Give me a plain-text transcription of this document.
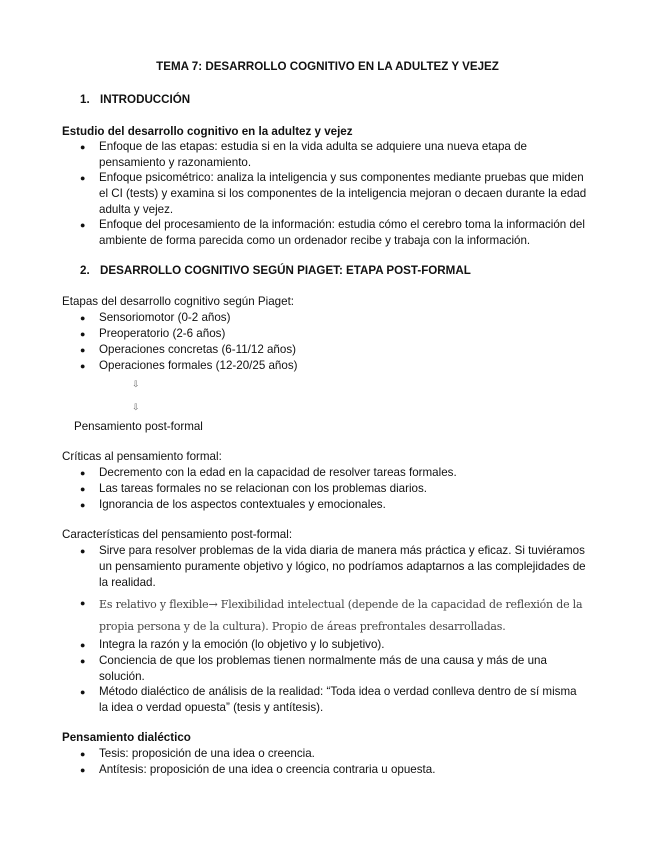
TEMA 7: DESARROLLO COGNITIVO EN LA ADULTEZ Y VEJEZ
1. INTRODUCCIÓN
Estudio del desarrollo cognitivo en la adultez y vejez
● Enfoque de las etapas: estudia si en la vida adulta se adquiere una nueva etapa de
pensamiento y razonamiento.
● Enfoque psicométrico: analiza la inteligencia y sus componentes mediante pruebas que miden
el CI (tests) y examina si los componentes de la inteligencia mejoran o decaen durante la edad
adulta y vejez.
● Enfoque del procesamiento de la información: estudia cómo el cerebro toma la información del
ambiente de forma parecida como un ordenador recibe y trabaja con la información.
2. DESARROLLO COGNITIVO SEGÚN PIAGET: ETAPA POST-FORMAL
Etapas del desarrollo cognitivo según Piaget:
● Sensoriomotor (0-2 años)
● Preoperatorio (2-6 años)
● Operaciones concretas (6-11/12 años)
● Operaciones formales (12-20/25 años)
⇩
⇩
Pensamiento post-formal
Críticas al pensamiento formal:
● Decremento con la edad en la capacidad de resolver tareas formales.
● Las tareas formales no se relacionan con los problemas diarios.
● Ignorancia de los aspectos contextuales y emocionales.
Características del pensamiento post-formal:
● Sirve para resolver problemas de la vida diaria de manera más práctica y eficaz. Si tuviéramos
un pensamiento puramente objetivo y lógico, no podríamos adaptarnos a las complejidades de
la realidad.
● Es relativo y flexible→ Flexibilidad intelectual (depende de la capacidad de reflexión de la
propia persona y de la cultura). Propio de áreas prefrontales desarrolladas.
● Integra la razón y la emoción (lo objetivo y lo subjetivo).
● Conciencia de que los problemas tienen normalmente más de una causa y más de una
solución.
● Método dialéctico de análisis de la realidad: “Toda idea o verdad conlleva dentro de sí misma
la idea o verdad opuesta” (tesis y antítesis).
Pensamiento dialéctico
● Tesis: proposición de una idea o creencia.
● Antítesis: proposición de una idea o creencia contraria u opuesta.
